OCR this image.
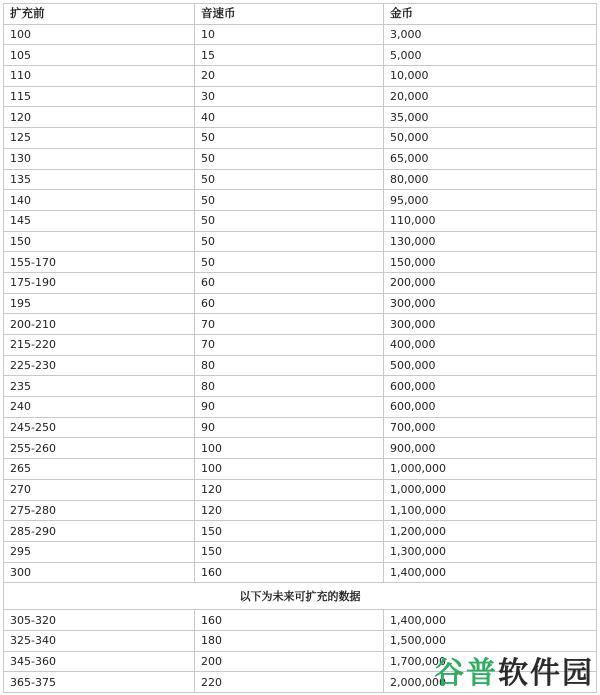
扩充前	音速币	金币
100	10	3,000
105	15	5,000
110	20	10,000
115	30	20,000
120	40	35,000
125	50	50,000
130	50	65,000
135	50	80,000
140	50	95,000
145	50	110,000
150	50	130,000
155-170	50	150,000
175-190	60	200,000
195	60	300,000
200-210	70	300,000
215-220	70	400,000
225-230	80	500,000
235	80	600,000
240	90	600,000
245-250	90	700,000
255-260	100	900,000
265	100	1,000,000
270	120	1,000,000
275-280	120	1,100,000
285-290	150	1,200,000
295	150	1,300,000
300	160	1,400,000
以下为未来可扩充的数据		
305-320	160	1,400,000
325-340	180	1,500,000
345-360	200	1,700,000
365-375	220	2,000,000
谷普 软件园
